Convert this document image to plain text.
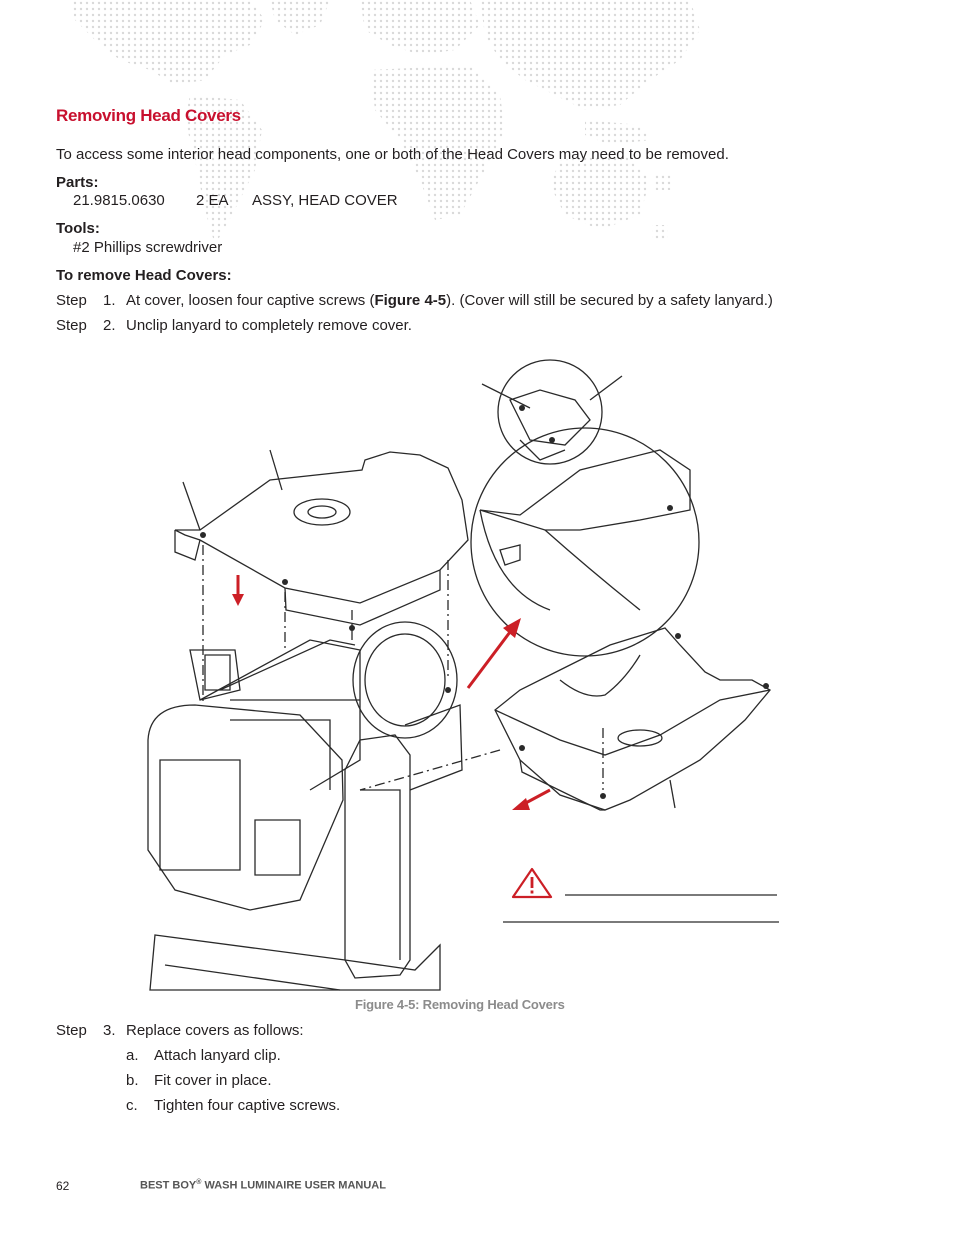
Removing Head Covers
To access some interior head components, one or both of the Head Covers may need to be removed.
Parts:
21.9815.0630 2 EA ASSY, HEAD COVER
Tools:
#2 Phillips screwdriver
To remove Head Covers:
Step 1. At cover, loosen four captive screws (Figure 4-5). (Cover will still be secured by a safety lanyard.)
Step 2. Unclip lanyard to completely remove cover.
Figure 4-5: Removing Head Covers
Step 3. Replace covers as follows:
a. Attach lanyard clip.
b. Fit cover in place.
c. Tighten four captive screws.
62	BEST BOY® WASH LUMINAIRE USER MANUAL
